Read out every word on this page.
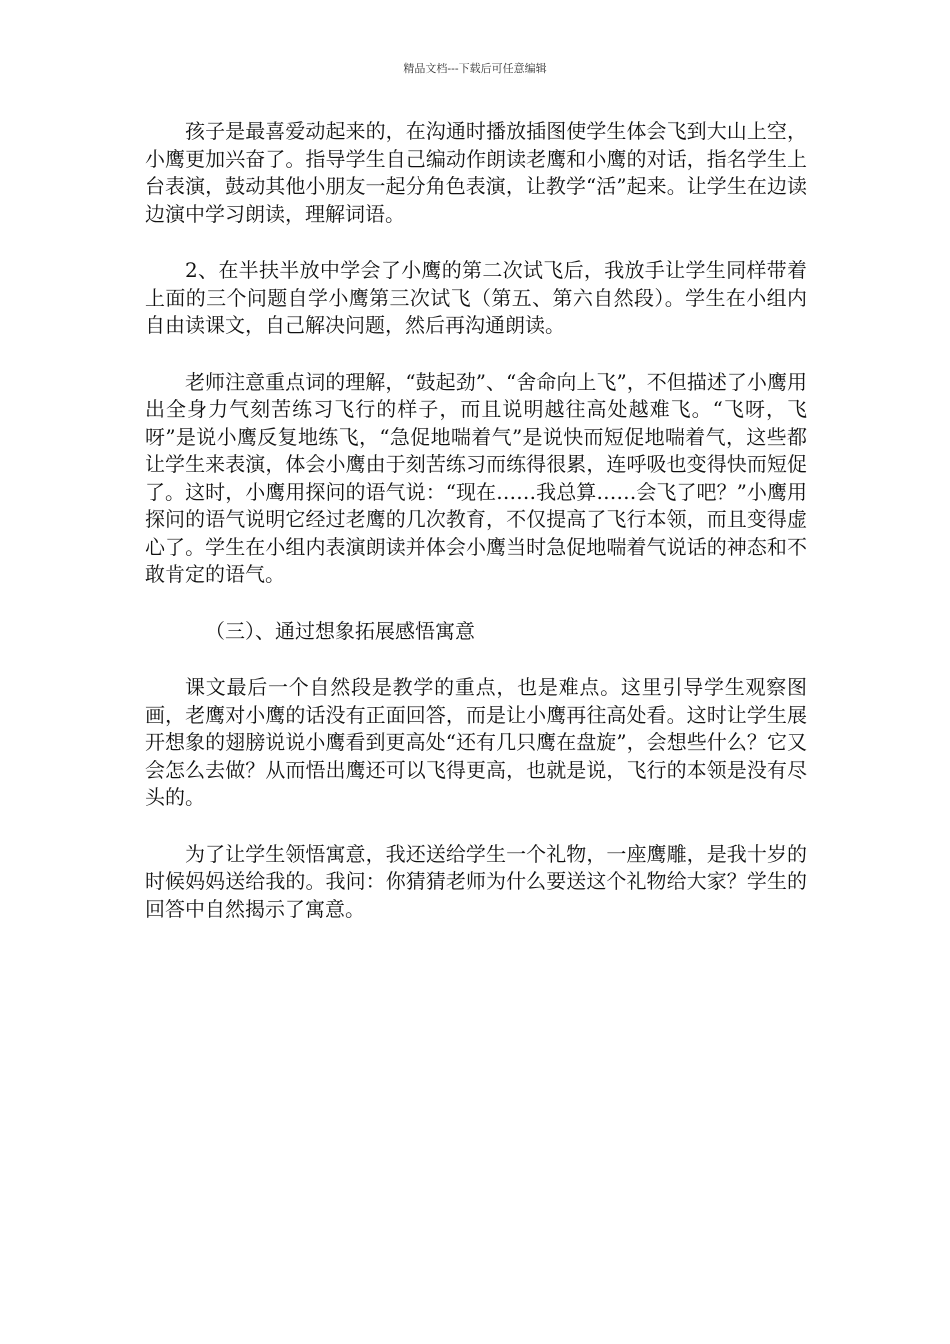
精品文档---下载后可任意编辑

孩子是最喜爱动起来的，在沟通时播放插图使学生体会飞到大山上空，小鹰更加兴奋了。指导学生自己编动作朗读老鹰和小鹰的对话，指名学生上台表演，鼓动其他小朋友一起分角色表演，让教学“活”起来。让学生在边读边演中学习朗读，理解词语。

2、在半扶半放中学会了小鹰的第二次试飞后，我放手让学生同样带着上面的三个问题自学小鹰第三次试飞（第五、第六自然段）。学生在小组内自由读课文，自己解决问题，然后再沟通朗读。

老师注意重点词的理解，“鼓起劲”、“舍命向上飞”，不但描述了小鹰用出全身力气刻苦练习飞行的样子，而且说明越往高处越难飞。“飞呀，飞呀”是说小鹰反复地练飞，“急促地喘着气”是说快而短促地喘着气，这些都让学生来表演，体会小鹰由于刻苦练习而练得很累，连呼吸也变得快而短促了。这时，小鹰用探问的语气说：“现在……我总算……会飞了吧？”小鹰用探问的语气说明它经过老鹰的几次教育，不仅提高了飞行本领，而且变得虚心了。学生在小组内表演朗读并体会小鹰当时急促地喘着气说话的神态和不敢肯定的语气。

（三）、通过想象拓展感悟寓意

课文最后一个自然段是教学的重点，也是难点。这里引导学生观察图画，老鹰对小鹰的话没有正面回答，而是让小鹰再往高处看。这时让学生展开想象的翅膀说说小鹰看到更高处“还有几只鹰在盘旋”，会想些什么？它又会怎么去做？从而悟出鹰还可以飞得更高，也就是说，飞行的本领是没有尽头的。

为了让学生领悟寓意，我还送给学生一个礼物，一座鹰雕，是我十岁的时候妈妈送给我的。我问：你猜猜老师为什么要送这个礼物给大家？学生的回答中自然揭示了寓意。
